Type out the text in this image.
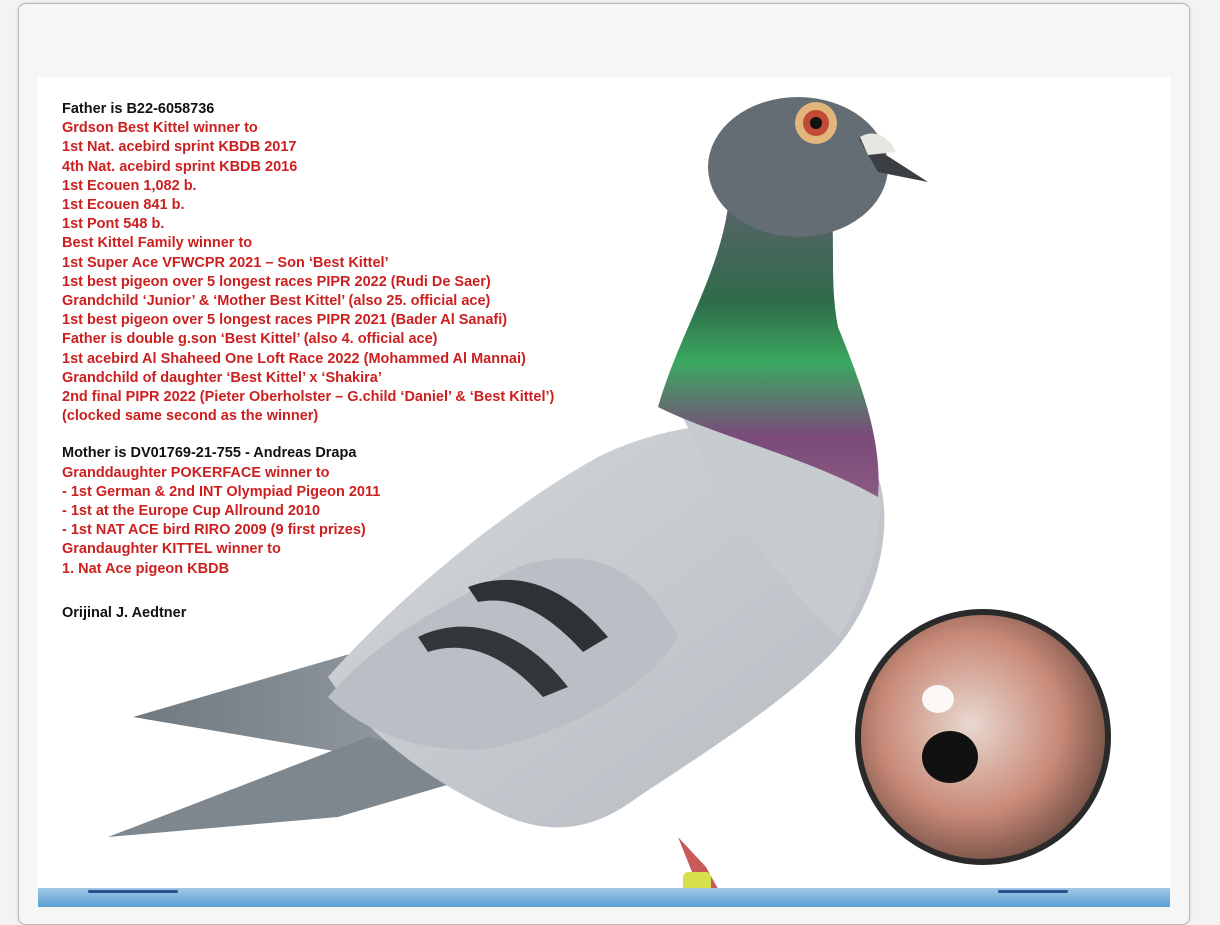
Father is B22-6058736
Grdson Best Kittel winner to
1st Nat. acebird sprint KBDB 2017
4th Nat. acebird sprint KBDB 2016
1st Ecouen 1,082 b.
1st Ecouen 841 b.
1st Pont 548 b.
Best Kittel Family winner to
1st Super Ace VFWCPR 2021 – Son ‘Best Kittel’
1st best pigeon over 5 longest races PIPR 2022 (Rudi De Saer)
Grandchild ‘Junior’ & ‘Mother Best Kittel’ (also 25. official ace)
1st best pigeon over 5 longest races PIPR 2021 (Bader Al Sanafi)
Father is double g.son ‘Best Kittel’ (also 4. official ace)
1st acebird Al Shaheed One Loft Race 2022 (Mohammed Al Mannai)
Grandchild of daughter ‘Best Kittel’ x ‘Shakira’
2nd final PIPR 2022 (Pieter Oberholster – G.child ‘Daniel’ & ‘Best Kittel’)
(clocked same second as the winner)
Mother is DV01769-21-755 - Andreas Drapa
Granddaughter POKERFACE winner to
- 1st German & 2nd INT Olympiad Pigeon 2011
- 1st at the Europe Cup Allround 2010
- 1st NAT ACE bird RIRO 2009 (9 first prizes)
Grandaughter KITTEL winner to
1. Nat Ace pigeon KBDB
Orijinal J. Aedtner
